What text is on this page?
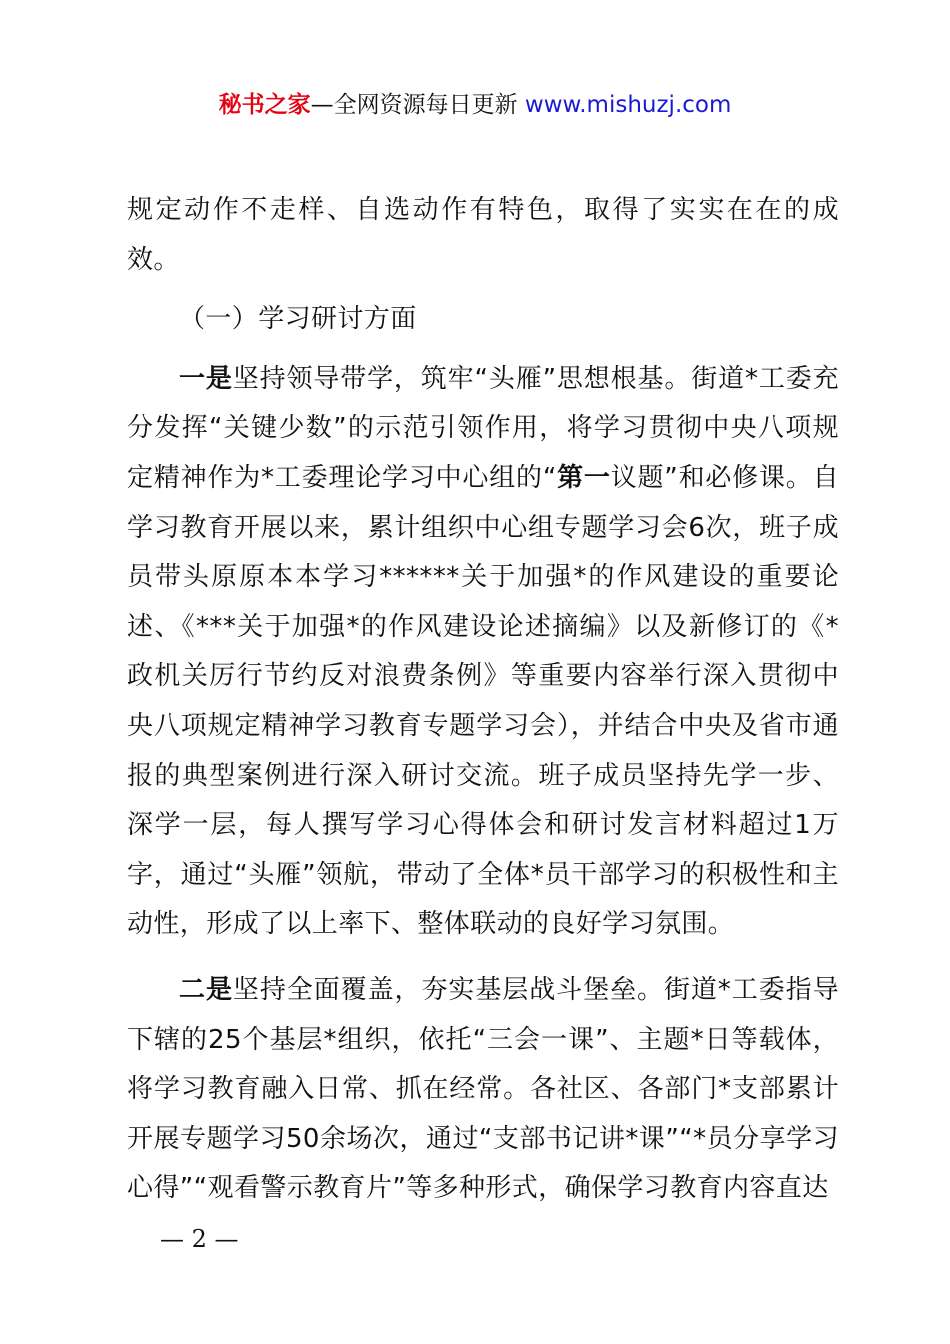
秘书之家—全网资源每日更新 www.mishuzj.com

规定动作不走样、自选动作有特色，取得了实实在在的成效。

（一）学习研讨方面

一是坚持领导带学，筑牢“头雁”思想根基。街道*工委充分发挥“关键少数”的示范引领作用，将学习贯彻中央八项规定精神作为*工委理论学习中心组的“第一议题”和必修课。自学习教育开展以来，累计组织中心组专题学习会6次，班子成员带头原原本本学习******关于加强*的作风建设的重要论述、《***关于加强*的作风建设论述摘编》以及新修订的《*政机关厉行节约反对浪费条例》等重要内容举行深入贯彻中央八项规定精神学习教育专题学习会），并结合中央及省市通报的典型案例进行深入研讨交流。班子成员坚持先学一步、深学一层，每人撰写学习心得体会和研讨发言材料超过1万字，通过“头雁”领航，带动了全体*员干部学习的积极性和主动性，形成了以上率下、整体联动的良好学习氛围。

二是坚持全面覆盖，夯实基层战斗堡垒。街道*工委指导下辖的25个基层*组织，依托“三会一课”、主题*日等载体，将学习教育融入日常、抓在经常。各社区、各部门*支部累计开展专题学习50余场次，通过“支部书记讲*课”“*员分享学习心得”“观看警示教育片”等多种形式，确保学习教育内容直达

— 2 —
